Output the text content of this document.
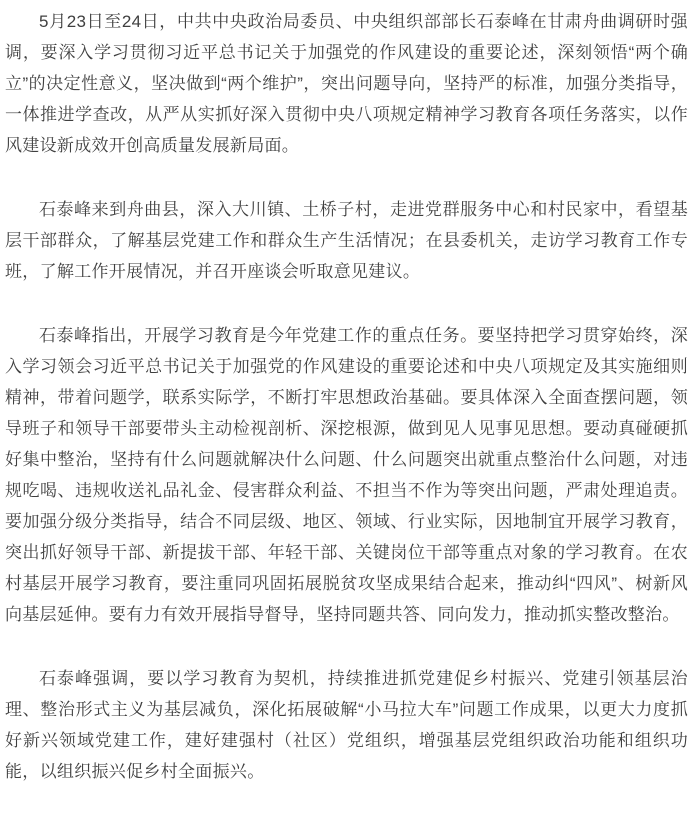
5月23日至24日，中共中央政治局委员、中央组织部部长石泰峰在甘肃舟曲调研时强调，要深入学习贯彻习近平总书记关于加强党的作风建设的重要论述，深刻领悟“两个确立”的决定性意义，坚决做到“两个维护”，突出问题导向，坚持严的标准，加强分类指导，一体推进学查改，从严从实抓好深入贯彻中央八项规定精神学习教育各项任务落实，以作风建设新成效开创高质量发展新局面。

石泰峰来到舟曲县，深入大川镇、土桥子村，走进党群服务中心和村民家中，看望基层干部群众，了解基层党建工作和群众生产生活情况；在县委机关，走访学习教育工作专班，了解工作开展情况，并召开座谈会听取意见建议。

石泰峰指出，开展学习教育是今年党建工作的重点任务。要坚持把学习贯穿始终，深入学习领会习近平总书记关于加强党的作风建设的重要论述和中央八项规定及其实施细则精神，带着问题学，联系实际学，不断打牢思想政治基础。要具体深入全面查摆问题，领导班子和领导干部要带头主动检视剖析、深挖根源，做到见人见事见思想。要动真碰硬抓好集中整治，坚持有什么问题就解决什么问题、什么问题突出就重点整治什么问题，对违规吃喝、违规收送礼品礼金、侵害群众利益、不担当不作为等突出问题，严肃处理追责。要加强分级分类指导，结合不同层级、地区、领域、行业实际，因地制宜开展学习教育，突出抓好领导干部、新提拔干部、年轻干部、关键岗位干部等重点对象的学习教育。在农村基层开展学习教育，要注重同巩固拓展脱贫攻坚成果结合起来，推动纠“四风”、树新风向基层延伸。要有力有效开展指导督导，坚持同题共答、同向发力，推动抓实整改整治。

石泰峰强调，要以学习教育为契机，持续推进抓党建促乡村振兴、党建引领基层治理、整治形式主义为基层减负，深化拓展破解“小马拉大车”问题工作成果，以更大力度抓好新兴领域党建工作，建好建强村（社区）党组织，增强基层党组织政治功能和组织功能，以组织振兴促乡村全面振兴。
